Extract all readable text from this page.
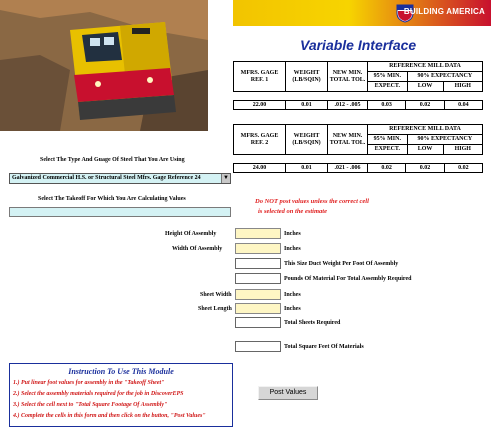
BUILDING AMERICA
Variable Interface
MFRS. GAGE REF. 1	WEIGHT (LB/SQIN)	NEW MIN. TOTAL TOL.	REFERENCE MILL DATA		
			95% MIN.	90% EXPECTANCY	
			EXPECT.	LOW	HIGH
22.00	0.01	.012 - .005	0.03	0.02	0.04
MFRS. GAGE REF. 2	WEIGHT (LB/SQIN)	NEW MIN. TOTAL TOL.	REFERENCE MILL DATA		
			95% MIN.	90% EXPECTANCY	
			EXPECT.	LOW	HIGH
24.00	0.01	.021 - .006	0.02	0.02	0.02
Select The Type And Guage Of Steel That You Are Using
Galvanized Commercial H.S. or Structural Steel Mfrs. Gage Reference 24	▼
Select The Takeoff For Which You Are Calculating Values	Do NOT post values unless the correct cell
is selected on the estimate
Height Of Assembly	Inches
Width Of Assembly	Inches
This Size Duct Weight Per Foot Of Assembly
Pounds Of Material For Total Assembly Required
Sheet Width	Inches
Sheet Length	Inches
Total Sheets Required
Total Square Feet Of Materials
Instruction To Use This Module
1.) Put linear foot values for assembly in the "Takeoff Sheet"
2.) Select the assembly materials required for the job in DiscoverEPS
3.) Select the cell next to "Total Square Footage Of Assembly"
4.) Complete the cells in this form and then click on the button, "Post Values"
Post Values
